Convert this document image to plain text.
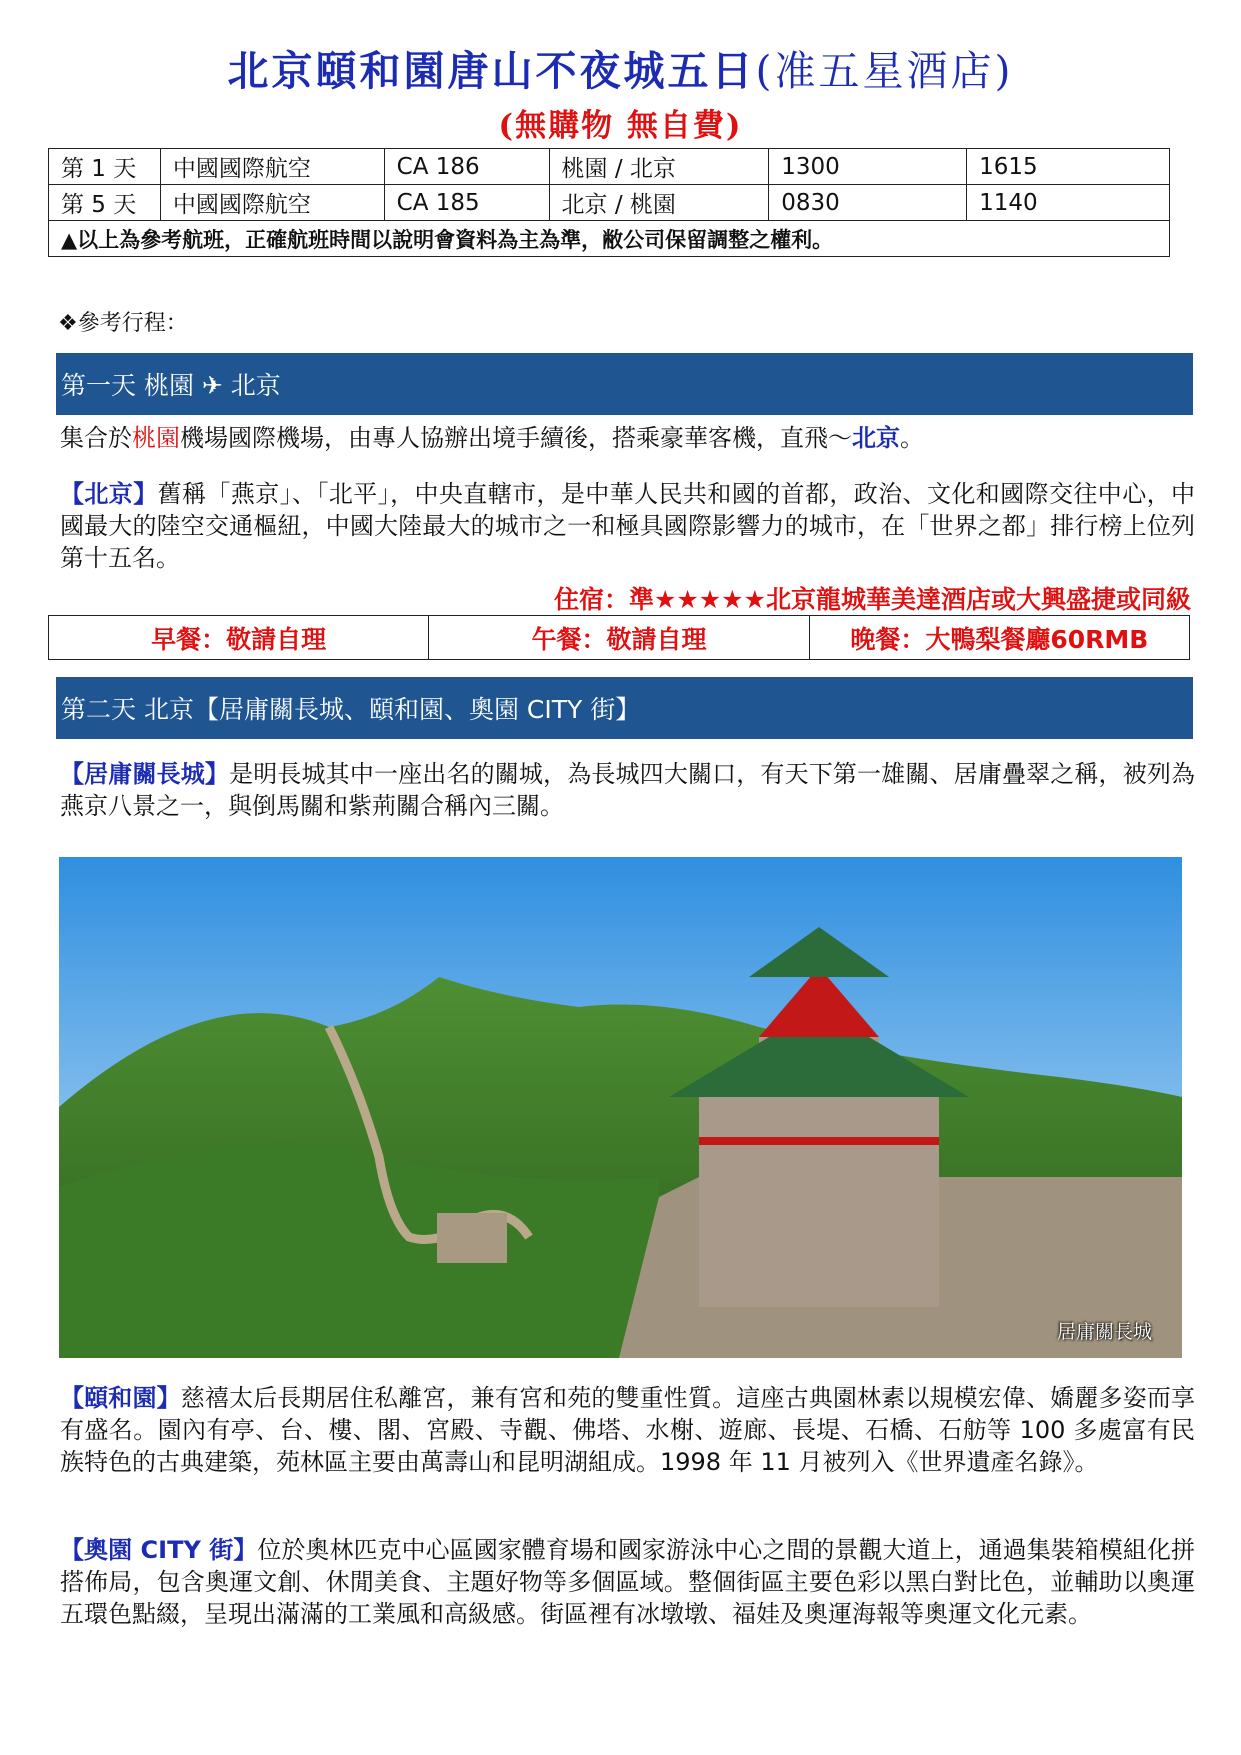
北京頤和園唐山不夜城五日(准五星酒店)
(無購物 無自費)
第 1 天	中國國際航空	CA 186	桃園 / 北京	1300	1615
第 5 天	中國國際航空	CA 185	北京 / 桃園	0830	1140
▲以上為參考航班，正確航班時間以說明會資料為主為準，敝公司保留調整之權利。					
❖參考行程：
第一天 桃園 ✈ 北京

集合於桃園機場國際機場，由專人協辦出境手續後，搭乘豪華客機，直飛～北京。

【北京】舊稱「燕京」、「北平」，中央直轄市，是中華人民共和國的首都，政治、文化和國際交往中心，中國最大的陸空交通樞紐，中國大陸最大的城市之一和極具國際影響力的城市，在「世界之都」排行榜上位列第十五名。

住宿：準★★★★★北京龍城華美達酒店或大興盛捷或同級
早餐：敬請自理	午餐：敬請自理	晚餐：大鴨梨餐廳60RMB
第二天 北京【居庸關長城、頤和園、奧園 CITY 街】

【居庸關長城】是明長城其中一座出名的關城，為長城四大關口，有天下第一雄關、居庸疊翠之稱，被列為燕京八景之一，與倒馬關和紫荊關合稱內三關。

居庸關長城

【頤和園】慈禧太后長期居住私離宮，兼有宮和苑的雙重性質。這座古典園林素以規模宏偉、嬌麗多姿而享有盛名。園內有亭、台、樓、閣、宮殿、寺觀、佛塔、水榭、遊廊、長堤、石橋、石舫等 100 多處富有民族特色的古典建築，苑林區主要由萬壽山和昆明湖組成。1998 年 11 月被列入《世界遺產名錄》。

【奧園 CITY 街】位於奧林匹克中心區國家體育場和國家游泳中心之間的景觀大道上，通過集裝箱模組化拼搭佈局，包含奧運文創、休閒美食、主題好物等多個區域。整個街區主要色彩以黑白對比色，並輔助以奧運五環色點綴，呈現出滿滿的工業風和高級感。街區裡有冰墩墩、福娃及奧運海報等奧運文化元素。
